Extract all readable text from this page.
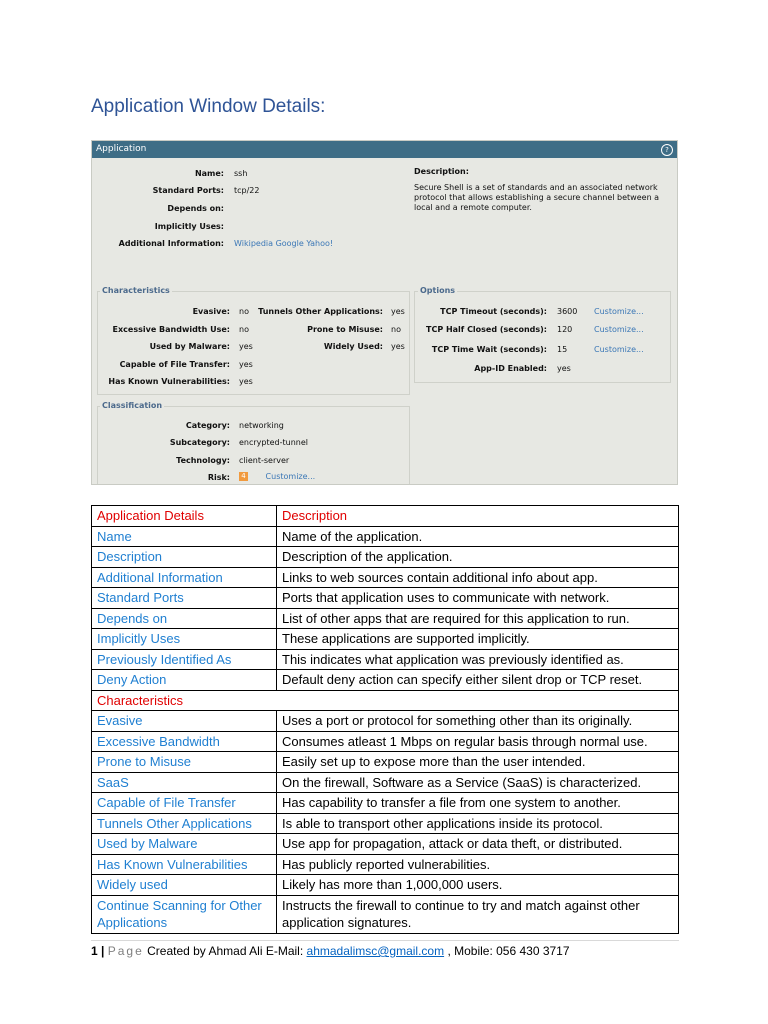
Application Window Details:
Application	?
Name: ssh
Standard Ports: tcp/22
Depends on:
Implicitly Uses:
Additional Information: Wikipedia Google Yahoo!
Description:
Secure Shell is a set of standards and an associated network protocol that allows establishing a secure channel between a local and a remote computer.
Characteristics
Evasive: no
Excessive Bandwidth Use: no
Used by Malware: yes
Capable of File Transfer: yes
Has Known Vulnerabilities: yes
Tunnels Other Applications: yes
Prone to Misuse: no
Widely Used: yes
Options
TCP Timeout (seconds): 3600 Customize...
TCP Half Closed (seconds): 120	Customize...
TCP Time Wait (seconds): 15	Customize...
App-ID Enabled: yes
Classification
Category: networking
Subcategory: encrypted-tunnel
Technology: client-server
Risk:	4 Customize...
Application Details	Description
Name	Name of the application.
Description	Description of the application.
Additional Information	Links to web sources contain additional info about app.
Standard Ports	Ports that application uses to communicate with network.
Depends on	List of other apps that are required for this application to run.
Implicitly Uses	These applications are supported implicitly.
Previously Identified As	This indicates what application was previously identified as.
Deny Action	Default deny action can specify either silent drop or TCP reset.
Characteristics	
Evasive	Uses a port or protocol for something other than its originally.
Excessive Bandwidth	Consumes atleast 1 Mbps on regular basis through normal use.
Prone to Misuse	Easily set up to expose more than the user intended.
SaaS	On the firewall, Software as a Service (SaaS) is characterized.
Capable of File Transfer	Has capability to transfer a file from one system to another.
Tunnels Other Applications	Is able to transport other applications inside its protocol.
Used by Malware	Use app for propagation, attack or data theft, or distributed.
Has Known Vulnerabilities	Has publicly reported vulnerabilities.
Widely used	Likely has more than 1,000,000 users.
Continue Scanning for Other Applications	Instructs the firewall to continue to try and match against other application signatures.
1 | Page Created by Ahmad Ali E-Mail: ahmadalimsc@gmail.com , Mobile: 056 430 3717
